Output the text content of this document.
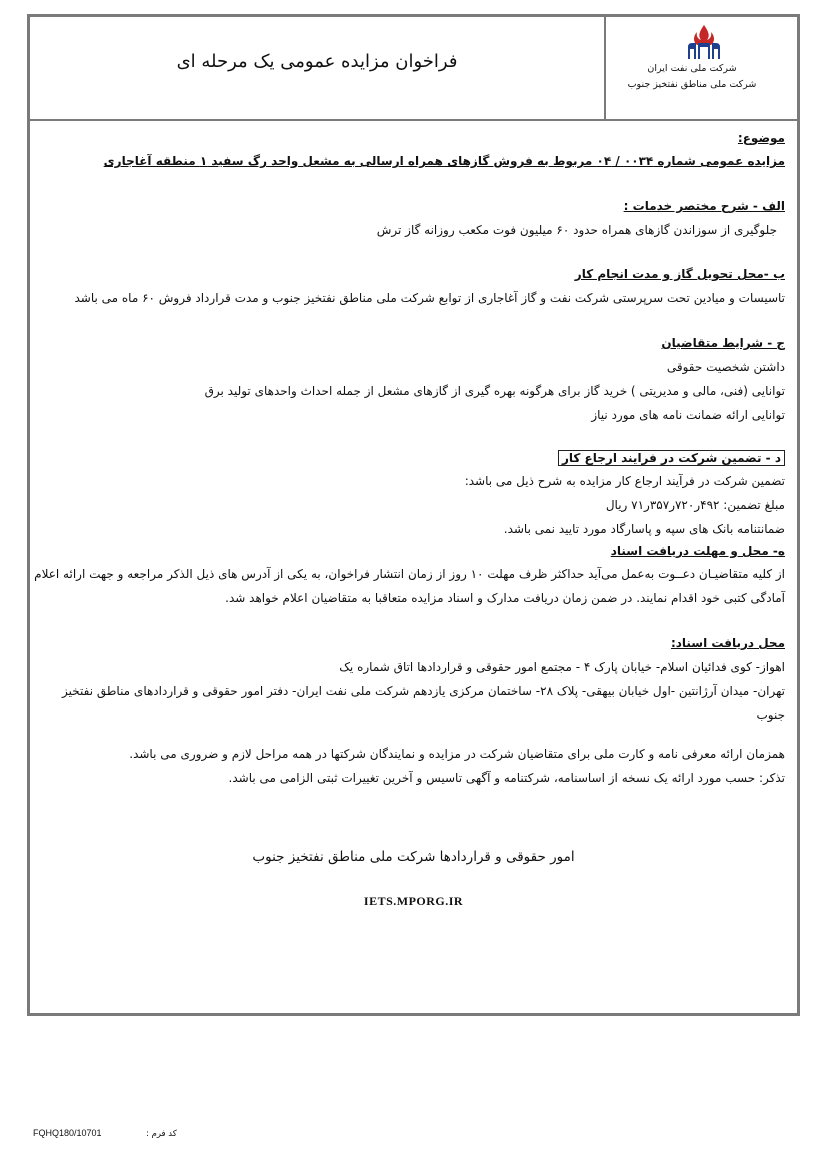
فراخوان مزایده عمومی یک مرحله ای	شرکت ملی نفت ایران
شرکت ملی مناطق نفتخیز جنوب
موضوع:
مزایده عمومی شماره ۰۰۳۴ / ۰۴ مربوط به فروش گازهای همراه ارسالی به مشعل واحد رگ سفید ۱ منطقه آغاجاری
الف - شرح مختصر خدمات :
جلوگیری از سوزاندن گازهای همراه حدود ۶۰ میلیون فوت مکعب روزانه گاز ترش
ب -محل تحویل گاز و مدت انجام کار
تاسیسات و میادین تحت سرپرستی شرکت نفت و گاز آغاجاری از توابع شرکت ملی مناطق نفتخیز جنوب و مدت قرارداد فروش ۶۰ ماه می باشد
ج - شرایط متقاضیان
داشتن شخصیت حقوقی
توانایی (فنی، مالی و مدیریتی ) خرید گاز برای هرگونه بهره گیری از گازهای مشعل از جمله احداث واحدهای تولید برق
توانایی ارائه ضمانت نامه های مورد نیاز
د - تضمین شرکت در فرایند ارجاع کار
تضمین شرکت در فرآیند ارجاع کار مزایده به شرح ذیل می باشد:
مبلغ تضمین: ۴۹۲ر۷۲۰ر۳۵۷ر۷۱ ریال
ضمانتنامه بانک های سپه و پاسارگاد مورد تایید نمی باشد.
ه- محل و مهلت دریافت اسناد
از کلیه متقاضیـان دعــوت به‌عمل می‌آید حداکثر ظرف مهلت ۱۰ روز از زمان انتشار فراخوان، به یکی از آدرس های ذیل الذکر مراجعه و جهت ارائه اعلام
آمادگی کتبی خود اقدام نمایند. در ضمن زمان دریافت مدارک و اسناد مزایده متعاقبا به متقاضیان اعلام خواهد شد.
محل دریافت اسناد:
اهواز- کوی فدائیان اسلام- خیابان پارک ۴ - مجتمع امور حقوقی و قراردادها اتاق شماره یک
تهران- میدان آرژانتین -اول خیابان بیهقی- پلاک ۲۸- ساختمان مرکزی یازدهم شرکت ملی نفت ایران- دفتر امور حقوقی و قراردادهای مناطق نفتخیز
جنوب
همزمان ارائه معرفی نامه و کارت ملی برای متقاضیان شرکت در مزایده و نمایندگان شرکتها در همه مراحل لازم و ضروری می باشد.
تذکر: حسب مورد ارائه یک نسخه از اساسنامه، شرکتنامه و آگهی تاسیس و آخرین تغییرات ثبتی الزامی می باشد.
امور حقوقی و قراردادها شرکت ملی مناطق نفتخیز جنوب
IETS.MPORG.IR
FQHQ180/10701	کد فرم :
